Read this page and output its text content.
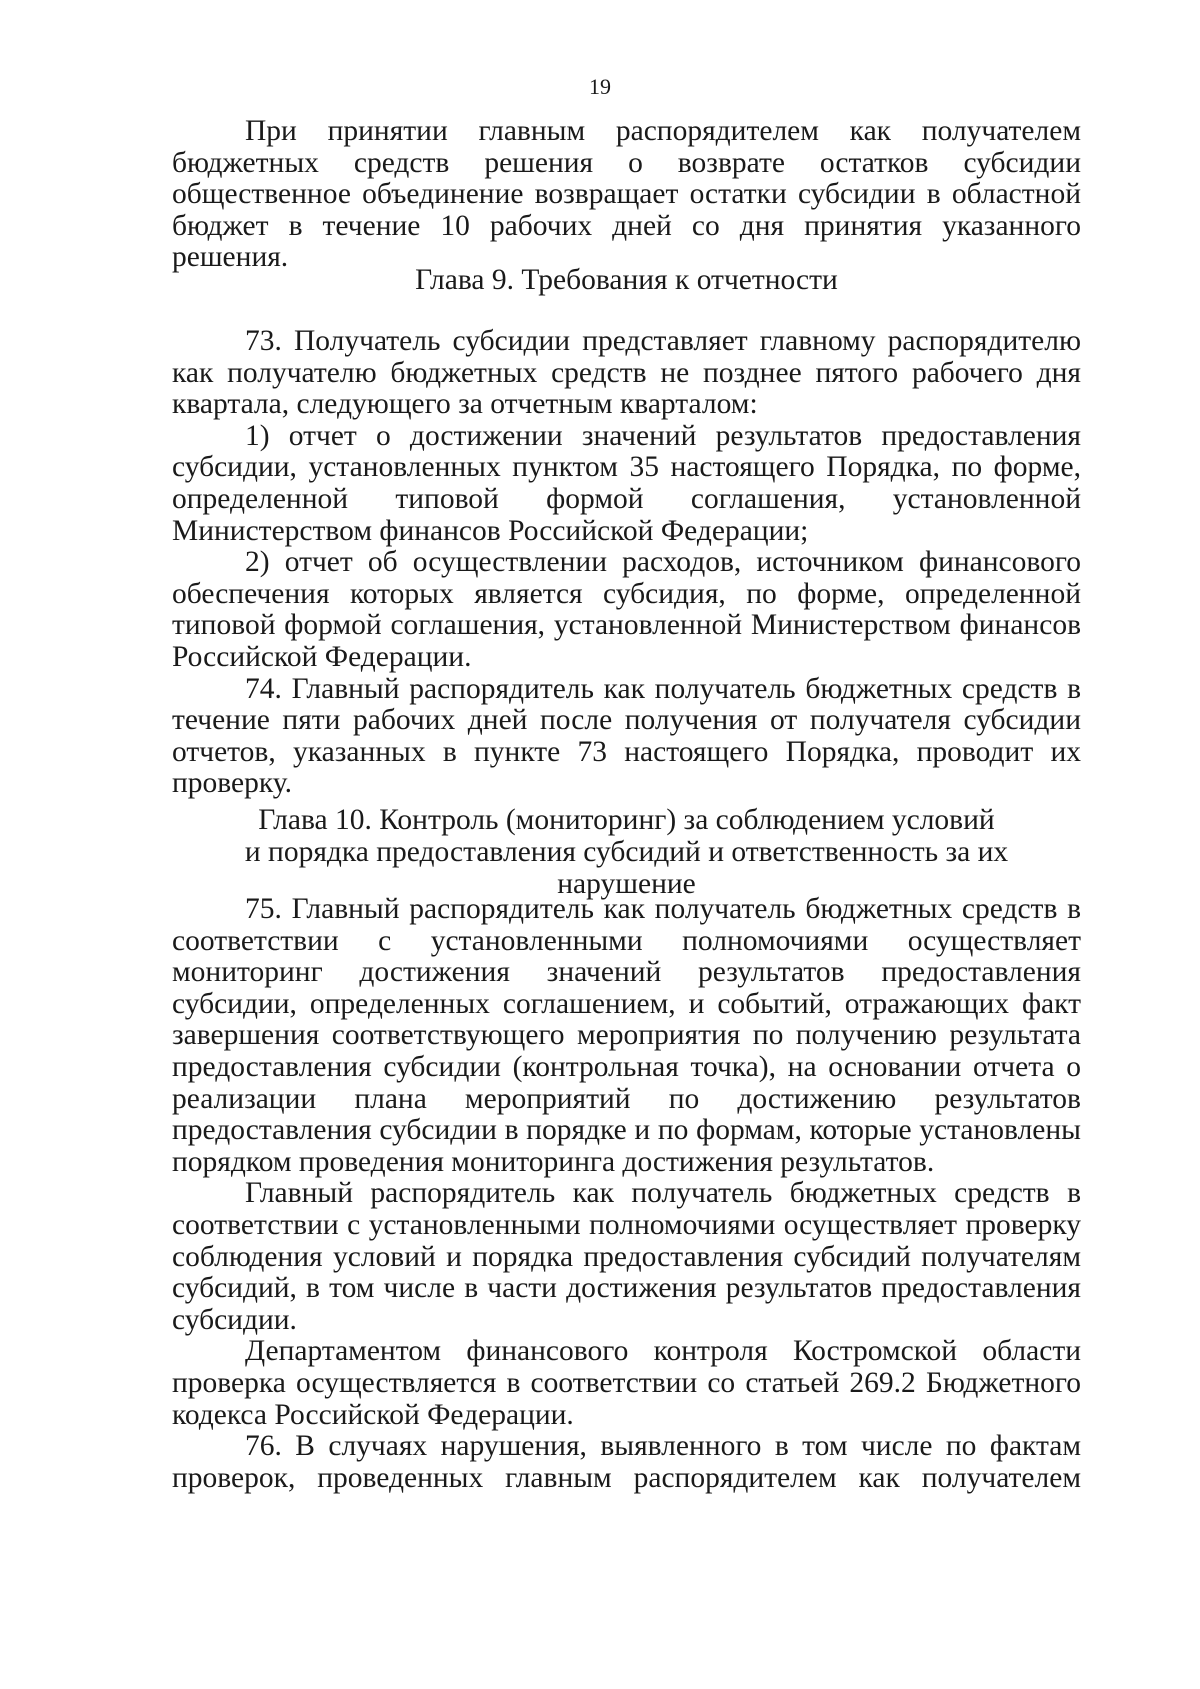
19

При принятии главным распорядителем как получателем бюджетных средств решения о возврате остатков субсидии общественное объединение возвращает остатки субсидии в областной бюджет в течение 10 рабочих дней со дня принятия указанного решения.

Глава 9. Требования к отчетности

73. Получатель субсидии представляет главному распорядителю как получателю бюджетных средств не позднее пятого рабочего дня квартала, следующего за отчетным кварталом:

1) отчет о достижении значений результатов предоставления субсидии, установленных пунктом 35 настоящего Порядка, по форме, определенной типовой формой соглашения, установленной Министерством финансов Российской Федерации;

2) отчет об осуществлении расходов, источником финансового обеспечения которых является субсидия, по форме, определенной типовой формой соглашения, установленной Министерством финансов Российской Федерации.

74. Главный распорядитель как получатель бюджетных средств в течение пяти рабочих дней после получения от получателя субсидии отчетов, указанных в пункте 73 настоящего Порядка, проводит их проверку.

Глава 10. Контроль (мониторинг) за соблюдением условий
и порядка предоставления субсидий и ответственность за их нарушение

75. Главный распорядитель как получатель бюджетных средств в соответствии с установленными полномочиями осуществляет мониторинг достижения значений результатов предоставления субсидии, определенных соглашением, и событий, отражающих факт завершения соответствующего мероприятия по получению результата предоставления субсидии (контрольная точка), на основании отчета о реализации плана мероприятий по достижению результатов предоставления субсидии в порядке и по формам, которые установлены порядком проведения мониторинга достижения результатов.

Главный распорядитель как получатель бюджетных средств в соответствии с установленными полномочиями осуществляет проверку соблюдения условий и порядка предоставления субсидий получателям субсидий, в том числе в части достижения результатов предоставления субсидии.

Департаментом финансового контроля Костромской области проверка осуществляется в соответствии со статьей 269.2 Бюджетного кодекса Российской Федерации.

76. В случаях нарушения, выявленного в том числе по фактам проверок, проведенных главным распорядителем как получателем
